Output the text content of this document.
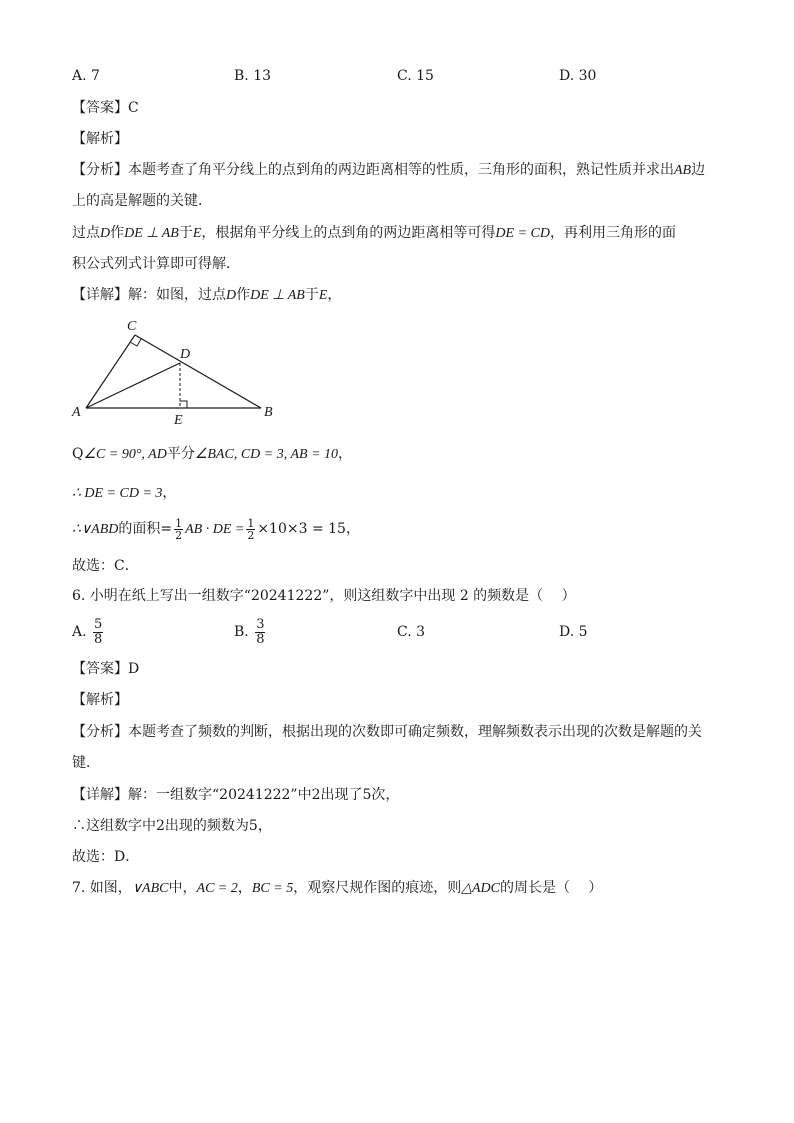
A. 7	B. 13	C. 15	D. 30
【答案】C
【解析】
【分析】本题考查了角平分线上的点到角的两边距离相等的性质，三角形的面积，熟记性质并求出AB边
上的高是解题的关键．
过点D作DE ⊥ AB于E，根据角平分线上的点到角的两边距离相等可得DE = CD，再利用三角形的面
积公式列式计算即可得解．
【详解】解：如图，过点D作DE ⊥ AB于E，
C
D
A	B
E
Q∠C = 90°, AD平分∠BAC, CD = 3, AB = 10，
∴ DE = CD = 3，
∴∨ABD的面积= $\frac{1}{2}$ AB · DE = $\frac{1}{2} \times 10\times 3 = 15$，
故选：C．
6. 小明在纸上写出一组数字“20241222”，则这组数字中出现 2 的频数是（　 ）
A. $\frac{5}{8}$	B. $\frac{3}{8}$	C. 3	D. 5
【答案】D
【解析】
【分析】本题考查了频数的判断，根据出现的次数即可确定频数，理解频数表示出现的次数是解题的关
键．
【详解】解：一组数字“20241222”中2出现了5次，
∴这组数字中2出现的频数为5，
故选：D．
7. 如图，∨ABC中，AC = 2，BC = 5，观察尺规作图的痕迹，则△ADC的周长是（　 ）
